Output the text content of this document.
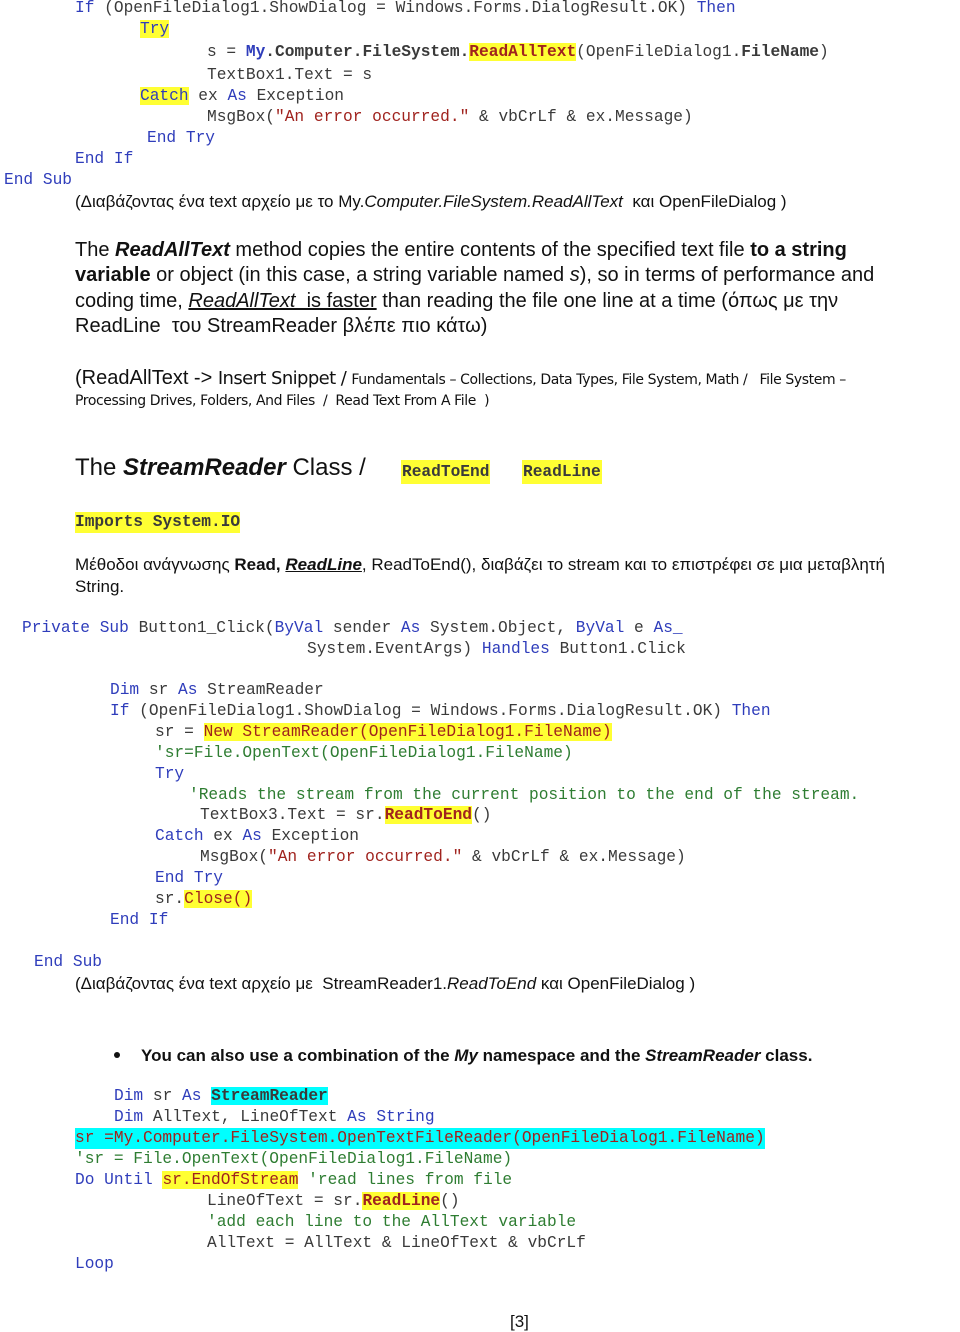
If (OpenFileDialog1.ShowDialog = Windows.Forms.DialogResult.OK) Then
Try
s = My.Computer.FileSystem.ReadAllText(OpenFileDialog1.FileName)
TextBox1.Text = s
Catch ex As Exception
MsgBox("An error occurred." & vbCrLf & ex.Message)
End Try
End If
End Sub
(Διαβάζοντας ένα text αρχείο με το My.Computer.FileSystem.ReadAllText  και OpenFileDialog )
The ReadAllText method copies the entire contents of the specified text file to a string
variable or object (in this case, a string variable named s), so in terms of performance and
coding time, ReadAllText  is faster than reading the file one line at a time (όπως με την
ReadLine  του StreamReader βλέπε πιο κάτω)
(ReadAllText -> Insert Snippet / Fundamentals – Collections, Data Types, File System, Math /   File System –
Processing Drives, Folders, And Files  /  Read Text From A File  )
The StreamReader Class / ReadToEnd ReadLine
Imports System.IO
Μέθοδοι ανάγνωσης Read, ReadLine, ReadToEnd(), διαβάζει το stream και το επιστρέφει σε μια μεταβλητή
String.
Private Sub Button1_Click(ByVal sender As System.Object, ByVal e As_
System.EventArgs) Handles Button1.Click
Dim sr As StreamReader
If (OpenFileDialog1.ShowDialog = Windows.Forms.DialogResult.OK) Then
sr = New StreamReader(OpenFileDialog1.FileName)
'sr=File.OpenText(OpenFileDialog1.FileName)
Try
'Reads the stream from the current position to the end of the stream.
TextBox3.Text = sr.ReadToEnd()
Catch ex As Exception
MsgBox("An error occurred." & vbCrLf & ex.Message)
End Try
sr.Close()
End If
End Sub
(Διαβάζοντας ένα text αρχείο με  StreamReader1.ReadToEnd και OpenFileDialog )
You can also use a combination of the My namespace and the StreamReader class.
Dim sr As StreamReader
Dim AllText, LineOfText As String
sr =My.Computer.FileSystem.OpenTextFileReader(OpenFileDialog1.FileName)
'sr = File.OpenText(OpenFileDialog1.FileName)
Do Until sr.EndOfStream 'read lines from file
LineOfText = sr.ReadLine()
'add each line to the AllText variable
AllText = AllText & LineOfText & vbCrLf
Loop
[3]
